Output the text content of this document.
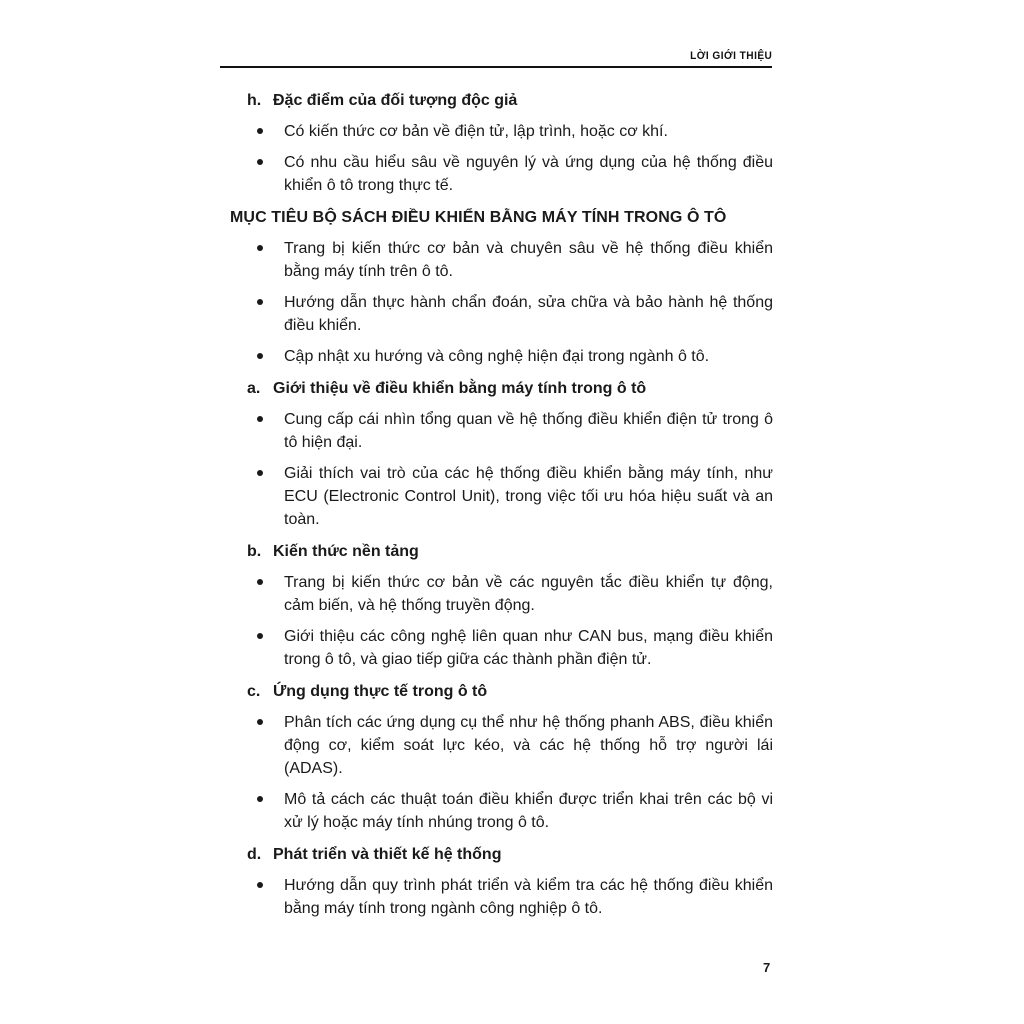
LỜI GIỚI THIỆU

h. Đặc điểm của đối tượng độc giả

Có kiến thức cơ bản về điện tử, lập trình, hoặc cơ khí.
Có nhu cầu hiểu sâu về nguyên lý và ứng dụng của hệ thống điều khiển ô tô trong thực tế.

MỤC TIÊU BỘ SÁCH ĐIỀU KHIỂN BẰNG MÁY TÍNH TRONG Ô TÔ

Trang bị kiến thức cơ bản và chuyên sâu về hệ thống điều khiển bằng máy tính trên ô tô.
Hướng dẫn thực hành chẩn đoán, sửa chữa và bảo hành hệ thống điều khiển.
Cập nhật xu hướng và công nghệ hiện đại trong ngành ô tô.

a. Giới thiệu về điều khiển bằng máy tính trong ô tô

Cung cấp cái nhìn tổng quan về hệ thống điều khiển điện tử trong ô tô hiện đại.
Giải thích vai trò của các hệ thống điều khiển bằng máy tính, như ECU (Electronic Control Unit), trong việc tối ưu hóa hiệu suất và an toàn.

b. Kiến thức nền tảng

Trang bị kiến thức cơ bản về các nguyên tắc điều khiển tự động, cảm biến, và hệ thống truyền động.
Giới thiệu các công nghệ liên quan như CAN bus, mạng điều khiển trong ô tô, và giao tiếp giữa các thành phần điện tử.

c. Ứng dụng thực tế trong ô tô

Phân tích các ứng dụng cụ thể như hệ thống phanh ABS, điều khiển động cơ, kiểm soát lực kéo, và các hệ thống hỗ trợ người lái (ADAS).
Mô tả cách các thuật toán điều khiển được triển khai trên các bộ vi xử lý hoặc máy tính nhúng trong ô tô.

d. Phát triển và thiết kế hệ thống

Hướng dẫn quy trình phát triển và kiểm tra các hệ thống điều khiển bằng máy tính trong ngành công nghiệp ô tô.
7
